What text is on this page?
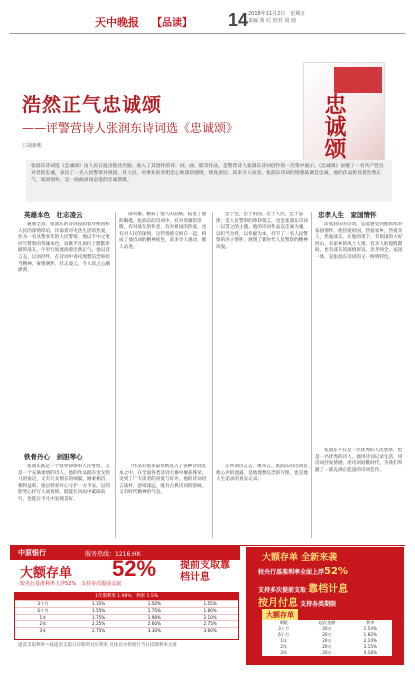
天中晚报 【品读】 14 2018年11月2日　星期五
责编 黄 红 校对 周 雨
浩然正气忠诚颂
——评警营诗人张润东诗词选《忠诚颂》
口刘新彬	忠诚颂
张润东诗词选《忠诚颂》由人民日报出版社出版，收入了其创作的诗、词、曲、联等作品，是警营诗人张润东诗词创作的一次集中展示。《忠诚颂》讴歌了一名共产党员对党的忠诚，表达了一名人民警察对祖国、对人民、对事业的赤胆忠心和深厚感情，情真意切，读来令人动容。张润东诗词的情感基调是忠诚，他的作品彰显着浩然正气、家国情怀，是一曲曲昂扬奋进的忠诚赞歌。
英雄本色　壮志凌云
通观全書，张润东的诗词浸润着对祖国和人民的深情厚谊，洋溢着对火热生活的热爱。作为一名从警多年的人民警察，他以手中之笔抒写警察的英雄本色，讴歌平凡岗位上默默奉献的战友，字里行间流淌着浩然正气。他以诗言志，以词抒怀，在诗词中寄托理想信念和担当精神，豪情满怀，壮志凌云，令人读之心潮澎湃。
铁骨丹心　剑胆琴心
张润东既是一个铁骨铮铮的人民警察，又是一个充满柔情的诗人。他的作品既有金戈铁马的豪迈，又有儿女情长的细腻，刚柔相济，相得益彰。他以铁骨丹心守护一方平安，以剑胆琴心抒写人间真情，既能在风雨中砥砺前行，也能在平凡中发现美好。
部英雄。精彩了他人的品格，拓宽了他的胸襟，张润东的诗词中，有对英雄的崇敬，有对战友的怀念，有对祖国的热爱，也有对人民的深情，这些情感交织在一起，构成了他诗词的精神底色，读来令人感动，催人奋进。
（作品有很多篇章被选入了各种诗词选本之中，在全国各类诗词大赛中屡获殊荣，受到了广大读者的喜爱与好评。他的诗词语言质朴，意境深远，既有古典诗词的韵味，又有时代精神的气息。
忠于党，忠于祖国，忠于人民，忠于法律，是人民警察的铮铮誓言，也是张润东诗词一以贯之的主题。他的诗词作品以忠诚为魂，以担当为骨，以奉献为本，抒写了一名人民警察的赤子情怀，展现了新时代人民警察的精神风貌。
正所谓诗言志，歌永言。张润东的诗词是他心声的流露，是他理想信念的写照，也是他人生追求的真实记录。
忠孝人生　家国情怀
读张润东的诗词，总能感受到他浓浓的家国情怀。他热爱祖国，热爱家乡，热爱亲人，热爱战友。在他的笔下，有祖国的大好河山，有家乡的风土人情，有亲人的殷殷期盼，也有战友的深情厚谊。忠孝两全，家国一体，是张润东诗词的又一鲜明特色。
张润东不仅是一名优秀的人民警察，也是一名优秀的诗人。他用诗词记录生活，用诗词抒发情感，用诗词讴歌时代，为我们奉献了一部充满正能量的诗词佳作。
中原银行	服务热线：1216.HK
大额存单 52% 提前支取靠档计息
较央行基准利率上浮52%　支持多次提前支取
1年期利率 1.98%　利率 1.5%
3个月	1.35%	1.50%	1.55%
6个月	1.55%	1.75%	1.80%
1年	1.75%	1.98%	2.10%
2年	2.25%	2.60%	2.75%
3年	2.75%	3.30%	3.60%
提前支取利率＝按提前支取日存期所对应利率 具体以中原银行当日挂牌利率为准
大额存单 全新来袭
较央行基准利率全面上浮52%
支持多次提前支取 靠档计息
按月付息 支持各类期限
大额存单
期限	起存金额	利率
3个月	20万	1.54%
6个月	20万	1.82%
1年	20万	2.10%
2年	20万	3.15%
3年	20万	4.18%
